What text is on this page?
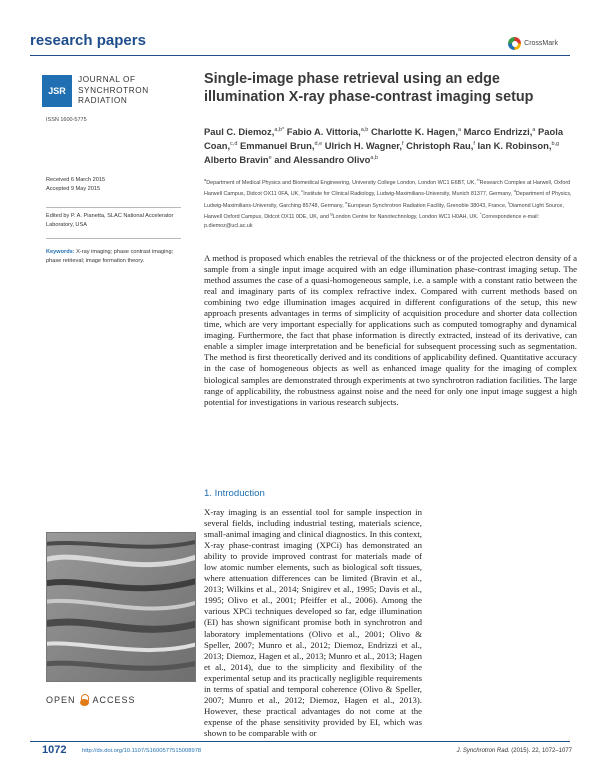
research papers	CrossMark
JSR
JOURNAL OF
SYNCHROTRON
RADIATION
ISSN 1600-5775
Single-image phase retrieval using an edge illumination X-ray phase-contrast imaging setup
Paul C. Diemoz,$^{a,b*}$ Fabio A. Vittoria,$^{a,b}$ Charlotte K. Hagen,$^a$ Marco Endrizzi,$^a$ Paola Coan,$^{c,d}$ Emmanuel Brun,$^{d,e}$ Ulrich H. Wagner,$^f$ Christoph Rau,$^f$ Ian K. Robinson,$^{b,g}$ Alberto Bravin$^e$ and Alessandro Olivo$^{a,b}$
$^a$Department of Medical Physics and Biomedical Engineering, University College London, London WC1 E6BT, UK, $^b$Research Complex at Harwell, Oxford Harwell Campus, Didcot OX11 0FA, UK, $^c$Institute for Clinical Radiology, Ludwig-Maximilians-University, Munich 81377, Germany, $^d$Department of Physics, Ludwig-Maximilians-University, Garching 85748, Germany, $^e$European Synchrotron Radiation Facility, Grenoble 38043, France, $^f$Diamond Light Source, Harwell Oxford Campus, Didcot OX11 0DE, UK, and $^g$London Centre for Nanotechnology, London WC1 H0AH, UK. *Correspondence e-mail: p.diemoz@ucl.ac.uk
Received 6 March 2015
Accepted 9 May 2015
Edited by P. A. Pianetta, SLAC National Accelerator Laboratory, USA
Keywords: X-ray imaging; phase contrast imaging; phase retrieval; image formation theory.	A method is proposed which enables the retrieval of the thickness or of the projected electron density of a sample from a single input image acquired with an edge illumination phase-contrast imaging setup. The method assumes the case of a quasi-homogeneous sample, i.e. a sample with a constant ratio between the real and imaginary parts of its complex refractive index. Compared with current methods based on combining two edge illumination images acquired in different configurations of the setup, this new approach presents advantages in terms of simplicity of acquisition procedure and shorter data collection time, which are very important especially for applications such as computed tomography and dynamical imaging. Furthermore, the fact that phase information is directly extracted, instead of its derivative, can enable a simpler image interpretation and be beneficial for subsequent processing such as segmentation. The method is first theoretically derived and its conditions of applicability defined. Quantitative accuracy in the case of homogeneous objects as well as enhanced image quality for the imaging of complex biological samples are demonstrated through experiments at two synchrotron radiation facilities. The large range of applicability, the robustness against noise and the need for only one input image suggest a high potential for investigations in various research subjects.
1. Introduction
X-ray imaging is an essential tool for sample inspection in several fields, including industrial testing, materials science, small-animal imaging and clinical diagnostics. In this context, X-ray phase-contrast imaging (XPCi) has demonstrated an ability to provide improved contrast for materials made of low atomic number elements, such as biological soft tissues, where attenuation differences can be limited (Bravin et al., 2013; Wilkins et al., 2014; Snigirev et al., 1995; Davis et al., 1995; Olivo et al., 2001; Pfeiffer et al., 2006). Among the various XPCi techniques developed so far, edge illumination (EI) has shown significant promise both in synchrotron and laboratory implementations (Olivo et al., 2001; Olivo & Speller, 2007; Munro et al., 2012; Diemoz, Endrizzi et al., 2013; Diemoz, Hagen et al., 2013; Munro et al., 2013; Hagen et al., 2014), due to the simplicity and flexibility of the experimental setup and its practically negligible requirements in terms of spatial and temporal coherence (Olivo & Speller, 2007; Munro et al., 2012; Diemoz, Hagen et al., 2013). However, these practical advantages do not come at the expense of the phase sensitivity provided by EI, which was shown to be comparable with or
OPEN ACCESS
1072	http://dx.doi.org/10.1107/S1600577515008978	J. Synchrotron Rad. (2015). 22, 1072–1077
